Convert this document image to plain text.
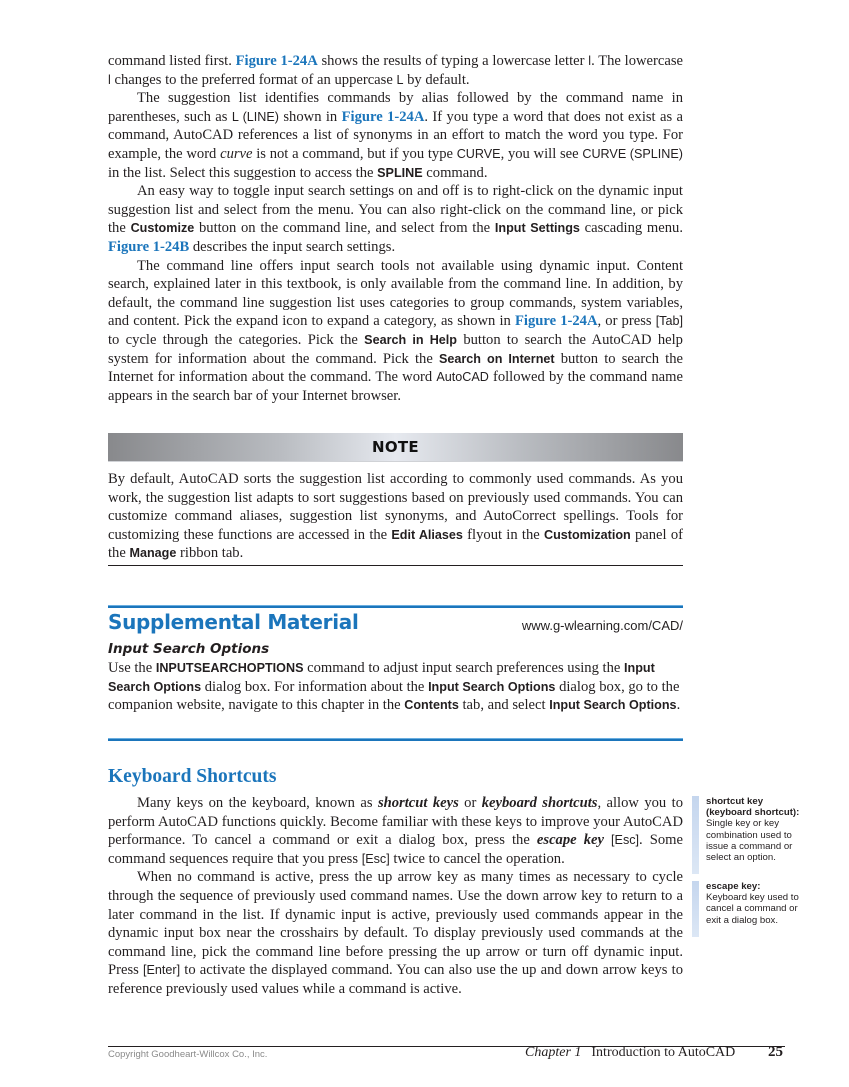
command listed first. Figure 1-24A shows the results of typing a lowercase letter l. The lowercase l changes to the preferred format of an uppercase L by default.

The suggestion list identifies commands by alias followed by the command name in parentheses, such as L (LINE) shown in Figure 1-24A. If you type a word that does not exist as a command, AutoCAD references a list of synonyms in an effort to match the word you type. For example, the word curve is not a command, but if you type CURVE, you will see CURVE (SPLINE) in the list. Select this suggestion to access the SPLINE command.

An easy way to toggle input search settings on and off is to right-click on the dynamic input suggestion list and select from the menu. You can also right-click on the command line, or pick the Customize button on the command line, and select from the Input Settings cascading menu. Figure 1-24B describes the input search settings.

The command line offers input search tools not available using dynamic input. Content search, explained later in this textbook, is only available from the command line. In addition, by default, the command line suggestion list uses categories to group commands, system variables, and content. Pick the expand icon to expand a category, as shown in Figure 1-24A, or press [Tab] to cycle through the categories. Pick the Search in Help button to search the AutoCAD help system for information about the command. Pick the Search on Internet button to search the Internet for information about the command. The word AutoCAD followed by the command name appears in the search bar of your Internet browser.

NOTE

By default, AutoCAD sorts the suggestion list according to commonly used commands. As you work, the suggestion list adapts to sort suggestions based on previously used commands. You can customize command aliases, suggestion list synonyms, and AutoCorrect spellings. Tools for customizing these functions are accessed in the Edit Aliases flyout in the Customization panel of the Manage ribbon tab.

Supplemental Material	www.g-wlearning.com/CAD/
Input Search Options

Use the INPUTSEARCHOPTIONS command to adjust input search preferences using the Input Search Options dialog box. For information about the Input Search Options dialog box, go to the companion website, navigate to this chapter in the Contents tab, and select Input Search Options.

Keyboard Shortcuts

Many keys on the keyboard, known as shortcut keys or keyboard shortcuts, allow you to perform AutoCAD functions quickly. Become familiar with these keys to improve your AutoCAD performance. To cancel a command or exit a dialog box, press the escape key [Esc]. Some command sequences require that you press [Esc] twice to cancel the operation.

When no command is active, press the up arrow key as many times as necessary to cycle through the sequence of previously used command names. Use the down arrow key to return to a later command in the list. If dynamic input is active, previously used commands appear in the dynamic input box near the crosshairs by default. To display previously used commands at the command line, pick the command line before pressing the up arrow or turn off dynamic input. Press [Enter] to activate the displayed command. You can also use the up and down arrow keys to reference previously used values while a command is active.

shortcut key (keyboard shortcut):
Single key or key combination used to issue a command or select an option.
escape key:
Keyboard key used to cancel a command or exit a dialog box.
Copyright Goodheart-Willcox Co., Inc.	Chapter 1 Introduction to AutoCAD 25
